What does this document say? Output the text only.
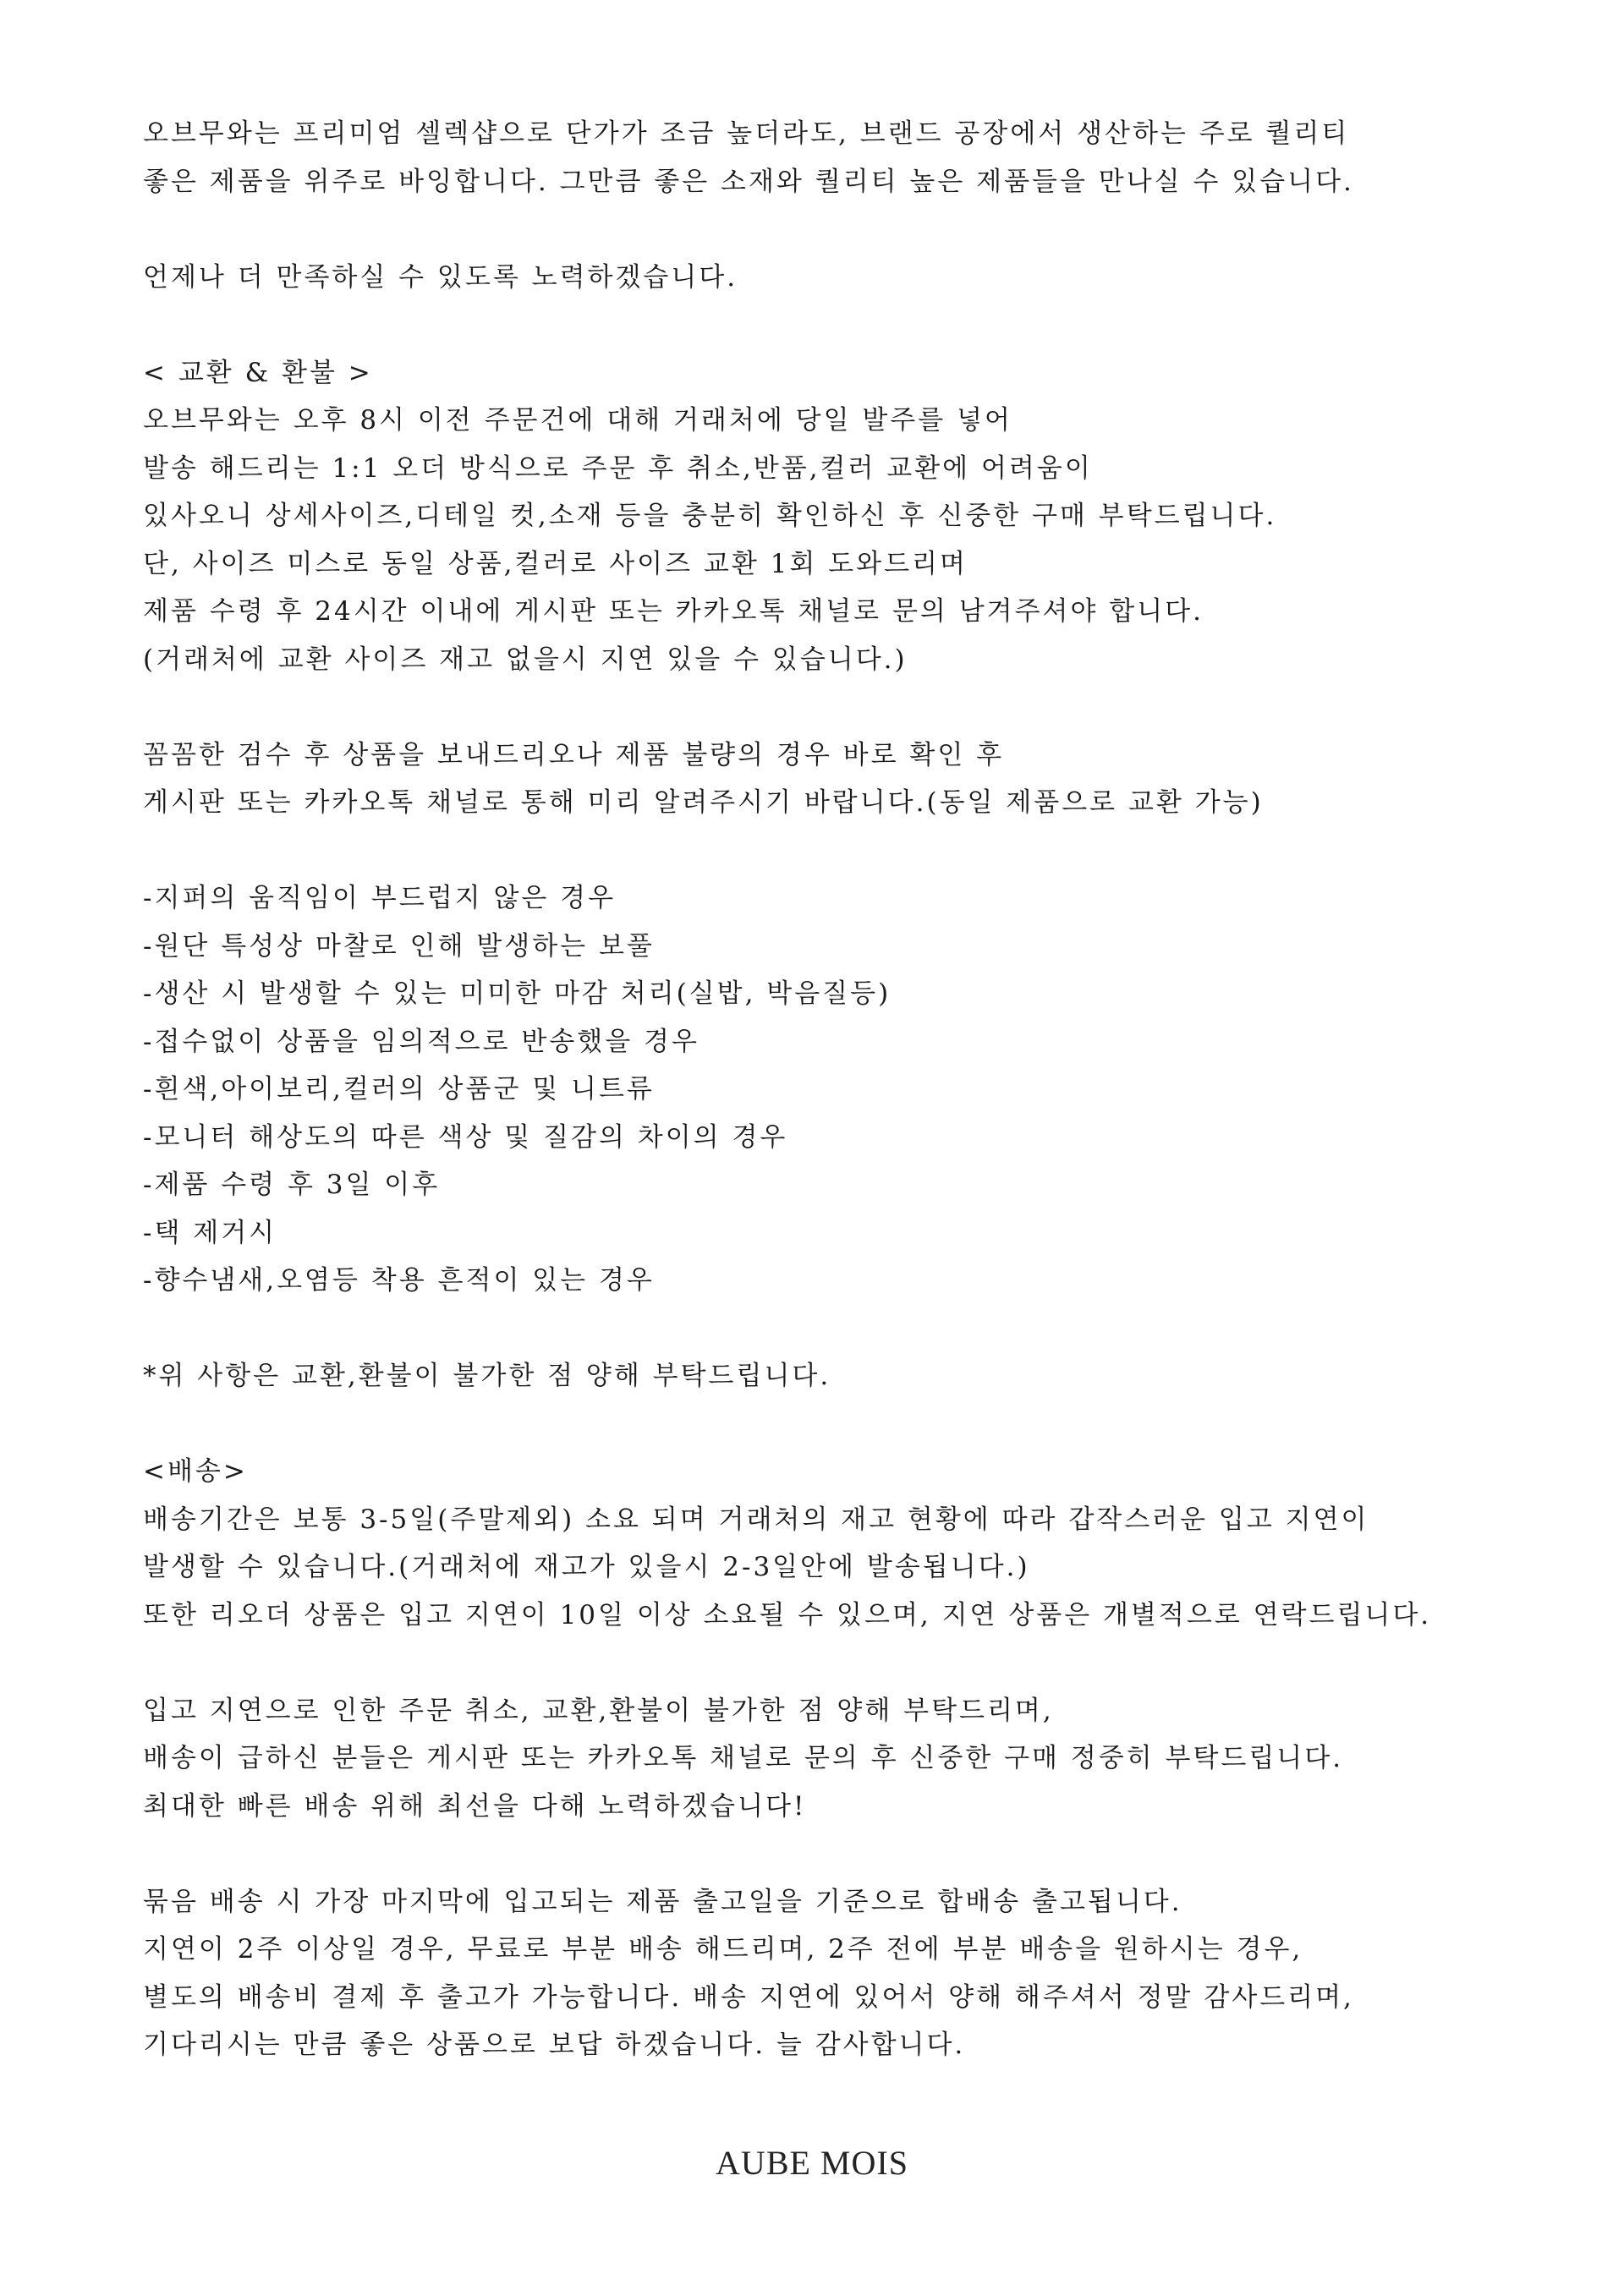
오브무와는 프리미엄 셀렉샵으로 단가가 조금 높더라도, 브랜드 공장에서 생산하는 주로 퀄리티
좋은 제품을 위주로 바잉합니다. 그만큼 좋은 소재와 퀄리티 높은 제품들을 만나실 수 있습니다.
언제나 더 만족하실 수 있도록 노력하겠습니다.
< 교환 & 환불 >
오브무와는 오후 8시 이전 주문건에 대해 거래처에 당일 발주를 넣어
발송 해드리는 1:1 오더 방식으로 주문 후 취소,반품,컬러 교환에 어려움이
있사오니 상세사이즈,디테일 컷,소재 등을 충분히 확인하신 후 신중한 구매 부탁드립니다.
단, 사이즈 미스로 동일 상품,컬러로 사이즈 교환 1회 도와드리며
제품 수령 후 24시간 이내에 게시판 또는 카카오톡 채널로 문의 남겨주셔야 합니다.
(거래처에 교환 사이즈 재고 없을시 지연 있을 수 있습니다.)
꼼꼼한 검수 후 상품을 보내드리오나 제품 불량의 경우 바로 확인 후
게시판 또는 카카오톡 채널로 통해 미리 알려주시기 바랍니다.(동일 제품으로 교환 가능)
-지퍼의 움직임이 부드럽지 않은 경우
-원단 특성상 마찰로 인해 발생하는 보풀
-생산 시 발생할 수 있는 미미한 마감 처리(실밥, 박음질등)
-접수없이 상품을 임의적으로 반송했을 경우
-흰색,아이보리,컬러의 상품군 및 니트류
-모니터 해상도의 따른 색상 및 질감의 차이의 경우
-제품 수령 후 3일 이후
-택 제거시
-향수냄새,오염등 착용 흔적이 있는 경우
*위 사항은 교환,환불이 불가한 점 양해 부탁드립니다.
<배송>
배송기간은 보통 3-5일(주말제외) 소요 되며 거래처의 재고 현황에 따라 갑작스러운 입고 지연이
발생할 수 있습니다.(거래처에 재고가 있을시 2-3일안에 발송됩니다.)
또한 리오더 상품은 입고 지연이 10일 이상 소요될 수 있으며, 지연 상품은 개별적으로 연락드립니다.
입고 지연으로 인한 주문 취소, 교환,환불이 불가한 점 양해 부탁드리며,
배송이 급하신 분들은 게시판 또는 카카오톡 채널로 문의 후 신중한 구매 정중히 부탁드립니다.
최대한 빠른 배송 위해 최선을 다해 노력하겠습니다!
묶음 배송 시 가장 마지막에 입고되는 제품 출고일을 기준으로 합배송 출고됩니다.
지연이 2주 이상일 경우, 무료로 부분 배송 해드리며, 2주 전에 부분 배송을 원하시는 경우,
별도의 배송비 결제 후 출고가 가능합니다. 배송 지연에 있어서 양해 해주셔서 정말 감사드리며,
기다리시는 만큼 좋은 상품으로 보답 하겠습니다. 늘 감사합니다.
AUBE MOIS
